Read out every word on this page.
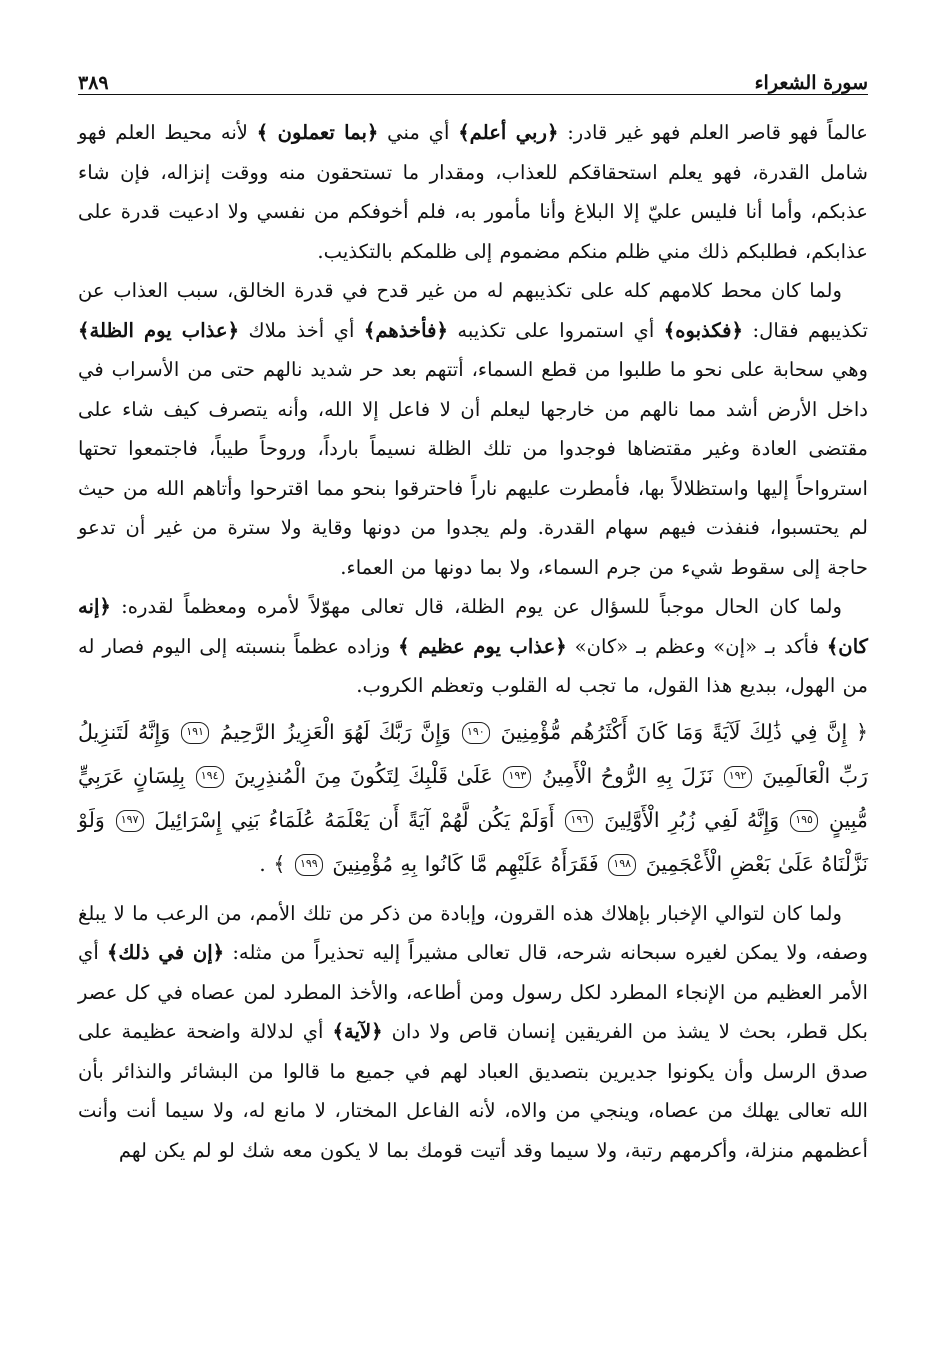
سورة الشعراء
٣٨٩

عالماً فهو قاصر العلم فهو غير قادر: ﴿ربي أعلم﴾ أي مني ﴿بما تعملون ﴾ لأنه محيط العلم فهو شامل القدرة، فهو يعلم استحقاقكم للعذاب، ومقدار ما تستحقون منه ووقت إنزاله، فإن شاء عذبكم، وأما أنا فليس عليّ إلا البلاغ وأنا مأمور به، فلم أخوفكم من نفسي ولا ادعيت قدرة على عذابكم، فطلبكم ذلك مني ظلم منكم مضموم إلى ظلمكم بالتكذيب.

ولما كان محط كلامهم كله على تكذيبهم له من غير قدح في قدرة الخالق، سبب العذاب عن تكذيبهم فقال: ﴿فكذبوه﴾ أي استمروا على تكذيبه ﴿فأخذهم﴾ أي أخذ ملاك ﴿عذاب يوم الظلة﴾ وهي سحابة على نحو ما طلبوا من قطع السماء، أتتهم بعد حر شديد نالهم حتى من الأسراب في داخل الأرض أشد مما نالهم من خارجها ليعلم أن لا فاعل إلا الله، وأنه يتصرف كيف شاء على مقتضى العادة وغير مقتضاها فوجدوا من تلك الظلة نسيماً بارداً، وروحاً طيباً، فاجتمعوا تحتها استرواحاً إليها واستظلالاً بها، فأمطرت عليهم ناراً فاحترقوا بنحو مما اقترحوا وأتاهم الله من حيث لم يحتسبوا، فنفذت فيهم سهام القدرة. ولم يجدوا من دونها وقاية ولا سترة من غير أن تدعو حاجة إلى سقوط شيء من جرم السماء، ولا بما دونها من العماء.

ولما كان الحال موجباً للسؤال عن يوم الظلة، قال تعالى مهوّلاً لأمره ومعظماً لقدره: ﴿إنه كان﴾ فأكد بـ «إن» وعظم بـ «كان» ﴿عذاب يوم عظيم ﴾ وزاده عظماً بنسبته إلى اليوم فصار له من الهول، ببديع هذا القول، ما تجب له القلوب وتعظم الكروب.

﴿ إِنَّ فِي ذَٰلِكَ لَآيَةً وَمَا كَانَ أَكْثَرُهُم مُّؤْمِنِينَ ١٩٠ وَإِنَّ رَبَّكَ لَهُوَ الْعَزِيزُ الرَّحِيمُ ١٩١ وَإِنَّهُ لَتَنزِيلُ رَبِّ الْعَالَمِينَ ١٩٢ نَزَلَ بِهِ الرُّوحُ الْأَمِينُ ١٩٣ عَلَىٰ قَلْبِكَ لِتَكُونَ مِنَ الْمُنذِرِينَ ١٩٤ بِلِسَانٍ عَرَبِيٍّ مُّبِينٍ ١٩٥ وَإِنَّهُ لَفِي زُبُرِ الْأَوَّلِينَ ١٩٦ أَوَلَمْ يَكُن لَّهُمْ آيَةً أَن يَعْلَمَهُ عُلَمَاءُ بَنِي إِسْرَائِيلَ ١٩٧ وَلَوْ نَزَّلْنَاهُ عَلَىٰ بَعْضِ الْأَعْجَمِينَ ١٩٨ فَقَرَأَهُ عَلَيْهِم مَّا كَانُوا بِهِ مُؤْمِنِينَ ١٩٩ ﴾ .

ولما كان لتوالي الإخبار بإهلاك هذه القرون، وإبادة من ذكر من تلك الأمم، من الرعب ما لا يبلغ وصفه، ولا يمكن لغيره سبحانه شرحه، قال تعالى مشيراً إليه تحذيراً من مثله: ﴿إن في ذلك﴾ أي الأمر العظيم من الإنجاء المطرد لكل رسول ومن أطاعه، والأخذ المطرد لمن عصاه في كل عصر بكل قطر، بحث لا يشذ من الفريقين إنسان قاص ولا دان ﴿لآية﴾ أي لدلالة واضحة عظيمة على صدق الرسل وأن يكونوا جديرين بتصديق العباد لهم في جميع ما قالوا من البشائر والنذائر بأن الله تعالى يهلك من عصاه، وينجي من والاه، لأنه الفاعل المختار، لا مانع له، ولا سيما أنت وأنت أعظمهم منزلة، وأكرمهم رتبة، ولا سيما وقد أتيت قومك بما لا يكون معه شك لو لم يكن لهم
